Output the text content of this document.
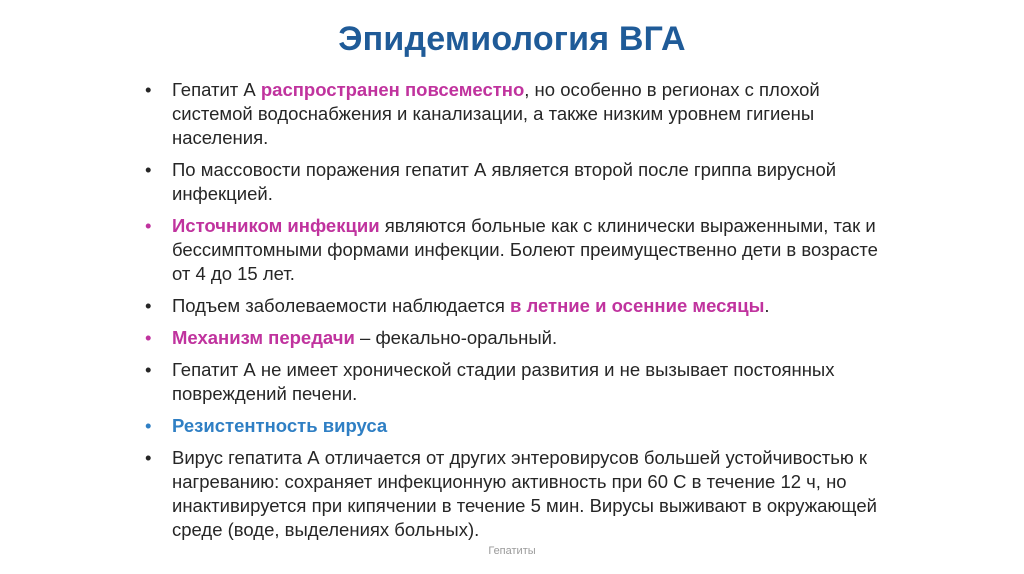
Эпидемиология ВГА
•	Гепатит А распространен повсеместно, но особенно в регионах с плохой системой водоснабжения и канализации, а также низким уровнем гигиены населения.
•	По массовости поражения гепатит А является второй после гриппа вирусной инфекцией.
•	Источником инфекции являются больные как с клинически выраженными, так и бессимптомными формами инфекции. Болеют преимущественно дети в возрасте от 4 до 15 лет.
•	Подъем заболеваемости наблюдается в летние и осенние месяцы.
•	Механизм передачи – фекально-оральный.
•	Гепатит А не имеет хронической стадии развития и не вызывает постоянных повреждений печени.
•	Резистентность вируса
•	Вирус гепатита А отличается от других энтеровирусов большей устойчивостью к нагреванию: сохраняет инфекционную активность при 60 С в течение 12 ч, но инактивируется при кипячении в течение 5 мин. Вирусы выживают в окружающей среде (воде, выделениях больных).
Гепатиты
